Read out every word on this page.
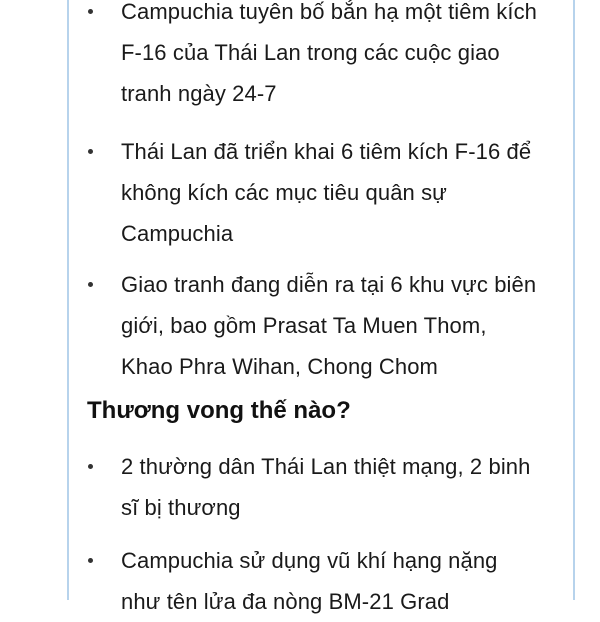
Campuchia tuyên bố bắn hạ một tiêm kích F-16 của Thái Lan trong các cuộc giao tranh ngày 24-7
Thái Lan đã triển khai 6 tiêm kích F-16 để không kích các mục tiêu quân sự Campuchia
Giao tranh đang diễn ra tại 6 khu vực biên giới, bao gồm Prasat Ta Muen Thom, Khao Phra Wihan, Chong Chom
Thương vong thế nào?
2 thường dân Thái Lan thiệt mạng, 2 binh sĩ bị thương
Campuchia sử dụng vũ khí hạng nặng như tên lửa đa nòng BM-21 Grad
